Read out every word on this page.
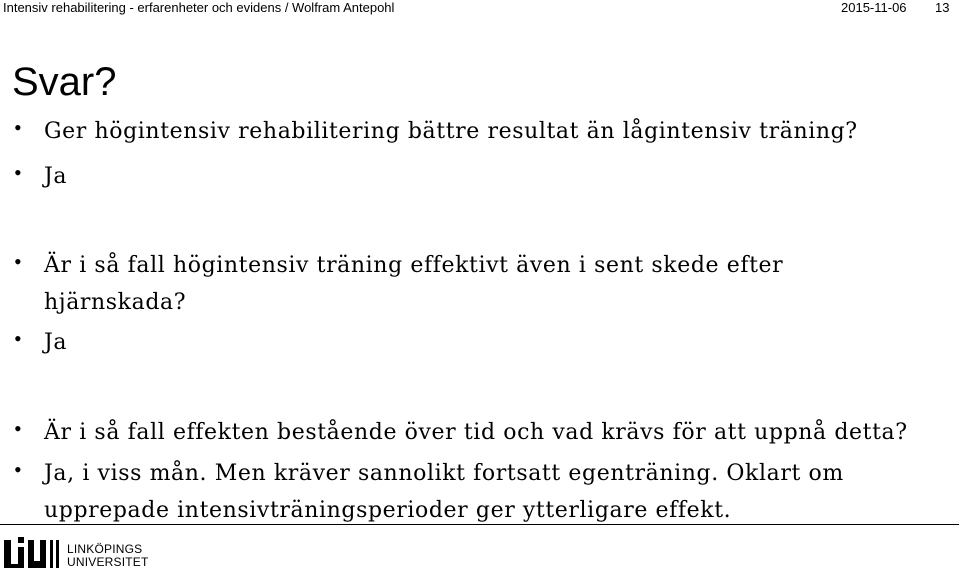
Intensiv rehabilitering - erfarenheter och evidens / Wolfram Antepohl	2015-11-06 13
Svar?
• Ger högintensiv rehabilitering bättre resultat än lågintensiv träning?
• Ja
• Är i så fall högintensiv träning effektivt även i sent skede efter
hjärnskada?
• Ja
• Är i så fall effekten bestående över tid och vad krävs för att uppnå detta?
• Ja, i viss mån. Men kräver sannolikt fortsatt egenträning. Oklart om
upprepade intensivträningsperioder ger ytterligare effekt.
LINKÖPINGS
UNIVERSITET
